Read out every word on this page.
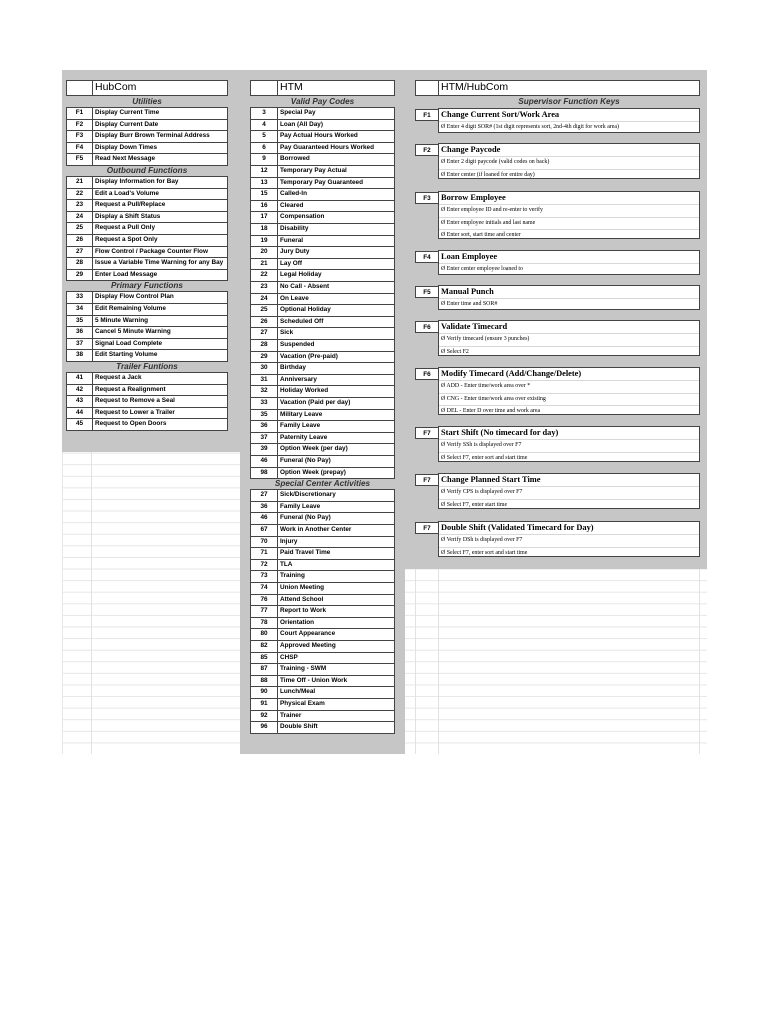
HubCom
Utilities
F1	Display Current Time
F2	Display Current Date
F3	Display Burr Brown Terminal Address
F4	Display Down Times
F5	Read Next Message
Outbound Functions
21	Display Information for Bay
22	Edit a Load's Volume
23	Request a Pull/Replace
24	Display a Shift Status
25	Request a Pull Only
26	Request a Spot Only
27	Flow Control / Package Counter Flow
28	Issue a Variable Time Warning for any Bay
29	Enter Load Message
Primary Functions
33	Display Flow Control Plan
34	Edit Remaining Volume
35	5 Minute Warning
36	Cancel 5 Minute Warning
37	Signal Load Complete
38	Edit Starting Volume
Trailer Funtions
41	Request a Jack
42	Request a Realignment
43	Request to Remove a Seal
44	Request to Lower a Trailer
45	Request to Open Doors
HTM
Valid Pay Codes
3	Special Pay
4	Loan (All Day)
5	Pay Actual Hours Worked
6	Pay Guaranteed Hours Worked
9	Borrowed
12	Temporary Pay Actual
13	Temporary Pay Guaranteed
15	Called-In
16	Cleared
17	Compensation
18	Disability
19	Funeral
20	Jury Duty
21	Lay Off
22	Legal Holiday
23	No Call - Absent
24	On Leave
25	Optional Holiday
26	Scheduled Off
27	Sick
28	Suspended
29	Vacation (Pre-paid)
30	Birthday
31	Anniversary
32	Holiday Worked
33	Vacation (Paid per day)
35	Military Leave
36	Family Leave
37	Paternity Leave
39	Option Week (per day)
46	Funeral (No Pay)
98	Option Week (prepay)
Special Center Activities
27	Sick/Discretionary
36	Family Leave
46	Funeral (No Pay)
67	Work in Another Center
70	Injury
71	Paid Travel Time
72	TLA
73	Training
74	Union Meeting
76	Attend School
77	Report to Work
78	Orientation
80	Court Appearance
82	Approved Meeting
85	CHSP
87	Training - SWM
88	Time Off - Union Work
90	Lunch/Meal
91	Physical Exam
92	Trainer
96	Double Shift
HTM/HubCom
Supervisor Function Keys
F1	Change Current Sort/Work Area
Ø Enter 4 digit SOR# (1st digit represents sort, 2nd-4th digit for work area)
F2	Change Paycode
Ø Enter 2 digit paycode (valid codes on back)
Ø Enter center (if loaned for entire day)
F3	Borrow Employee
Ø Enter employee ID and re-enter to verify
Ø Enter employee initials and last name
Ø Enter sort, start time and center
F4	Loan Employee
Ø Enter center employee loaned to
F5	Manual Punch
Ø Enter time and SOR#
F6	Validate Timecard
Ø Verify timecard (ensure 3 punches)
Ø Select F2
F6	Modify Timecard (Add/Change/Delete)
Ø ADD - Enter time/work area over *
Ø CNG - Enter time/work area over existing
Ø DEL - Enter D over time and work area
F7	Start Shift (No timecard for day)
Ø Verify SSh is displayed over F7
Ø Select F7, enter sort and start time
F7	Change Planned Start Time
Ø Verify CPS is displayed over F7
Ø Select F7, enter start time
F7	Double Shift (Validated Timecard for Day)
Ø Verify DSh is displayed over F7
Ø Select F7, enter sort and start time
